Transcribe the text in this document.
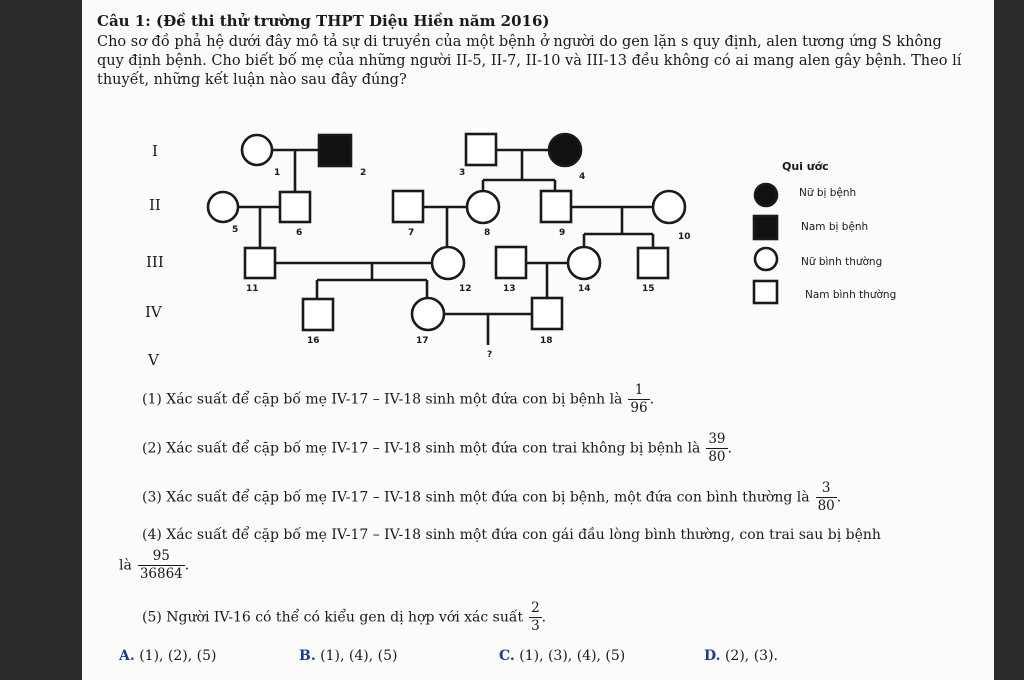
Câu 1: (Đề thi thử trường THPT Diệu Hiền năm 2016)
Cho sơ đồ phả hệ dưới đây mô tả sự di truyền của một bệnh ở người do gen lặn s quy định, alen tương ứng S không quy định bệnh. Cho biết bố mẹ của những người II-5, II-7, II-10 và III-13 đều không có ai mang alen gây bệnh. Theo lí thuyết, những kết luận nào sau đây đúng?
I
II
III
IV
V
1	2	3	4
5	6	7	8	9	10
11	12	13	14	15
16	17	18
?
Qui ước
Nữ bị bệnh
Nam bị bệnh
Nữ bình thường
Nam bình thường
(1) Xác suất để cặp bố mẹ IV-17 – IV-18 sinh một đứa con bị bệnh là $\frac{1}{96}$ .
(2) Xác suất để cặp bố mẹ IV-17 – IV-18 sinh một đứa con trai không bị bệnh là $\frac{39}{80}$ .
(3) Xác suất để cặp bố mẹ IV-17 – IV-18 sinh một đứa con bị bệnh, một đứa con bình thường là $\frac{3}{80}$ .
(4) Xác suất để cặp bố mẹ IV-17 – IV-18 sinh một đứa con gái đầu lòng bình thường, con trai sau bị bệnh
là $\frac{95}{36864}$ .
(5) Người IV-16 có thể có kiểu gen dị hợp với xác suất $\frac{2}{3}$ .
A. (1), (2), (5)	B. (1), (4), (5)	C. (1), (3), (4), (5)	D. (2), (3).
